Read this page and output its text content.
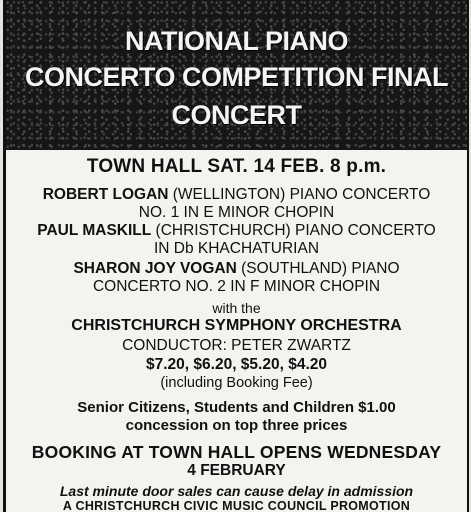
NATIONAL PIANO
CONCERTO COMPETITION FINAL
CONCERT
TOWN HALL SAT. 14 FEB. 8 p.m.
ROBERT LOGAN (WELLINGTON) PIANO CONCERTO
NO. 1 IN E MINOR CHOPIN
PAUL MASKILL (CHRISTCHURCH) PIANO CONCERTO
IN Db KHACHATURIAN
SHARON JOY VOGAN (SOUTHLAND) PIANO
CONCERTO NO. 2 IN F MINOR CHOPIN
with the
CHRISTCHURCH SYMPHONY ORCHESTRA
CONDUCTOR: PETER ZWARTZ
$7.20, $6.20, $5.20, $4.20
(including Booking Fee)
Senior Citizens, Students and Children $1.00
concession on top three prices
BOOKING AT TOWN HALL OPENS WEDNESDAY
4 FEBRUARY
Last minute door sales can cause delay in admission
A CHRISTCHURCH CIVIC MUSIC COUNCIL PROMOTION
